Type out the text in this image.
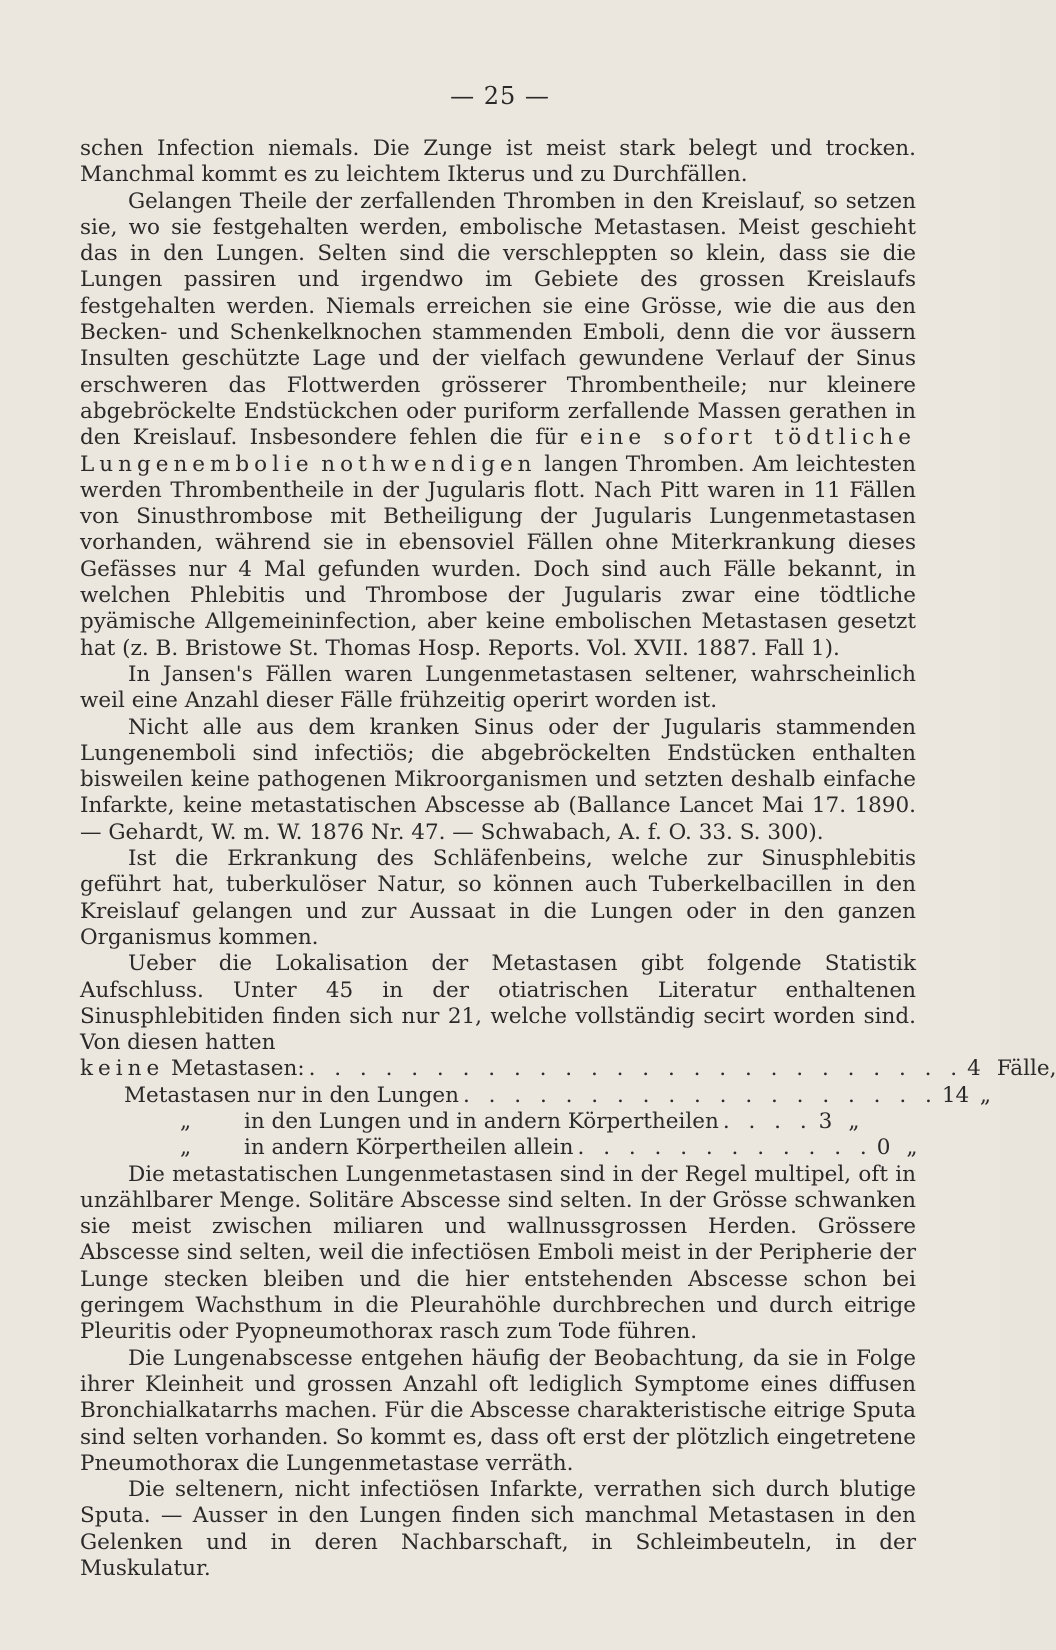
— 25 —

schen Infection niemals. Die Zunge ist meist stark belegt und trocken. Manchmal kommt es zu leichtem Ikterus und zu Durchfällen.

Gelangen Theile der zerfallenden Thromben in den Kreislauf, so setzen sie, wo sie festgehalten werden, embolische Metastasen. Meist geschieht das in den Lungen. Selten sind die verschleppten so klein, dass sie die Lungen passiren und irgendwo im Gebiete des grossen Kreislaufs festgehalten werden. Niemals erreichen sie eine Grösse, wie die aus den Becken- und Schenkelknochen stammenden Emboli, denn die vor äussern Insulten geschützte Lage und der vielfach gewundene Verlauf der Sinus erschweren das Flottwerden grösserer Thrombentheile; nur kleinere abgebröckelte Endstückchen oder puriform zerfallende Massen gerathen in den Kreislauf. Insbesondere fehlen die für eine sofort tödtliche Lungenembolie nothwendigen langen Thromben. Am leichtesten werden Thrombentheile in der Jugularis flott. Nach Pitt waren in 11 Fällen von Sinusthrombose mit Betheiligung der Jugularis Lungenmetastasen vorhanden, während sie in ebensoviel Fällen ohne Miterkrankung dieses Gefässes nur 4 Mal gefunden wurden. Doch sind auch Fälle bekannt, in welchen Phlebitis und Thrombose der Jugularis zwar eine tödtliche pyämische Allgemeininfection, aber keine embolischen Metastasen gesetzt hat (z. B. Bristowe St. Thomas Hosp. Reports. Vol. XVII. 1887. Fall 1).

In Jansen's Fällen waren Lungenmetastasen seltener, wahrscheinlich weil eine Anzahl dieser Fälle frühzeitig operirt worden ist.

Nicht alle aus dem kranken Sinus oder der Jugularis stammenden Lungenemboli sind infectiös; die abgebröckelten Endstücken enthalten bisweilen keine pathogenen Mikroorganismen und setzten deshalb einfache Infarkte, keine metastatischen Abscesse ab (Ballance Lancet Mai 17. 1890. — Gehardt, W. m. W. 1876 Nr. 47. — Schwabach, A. f. O. 33. S. 300).

Ist die Erkrankung des Schläfenbeins, welche zur Sinusphlebitis geführt hat, tuberkulöser Natur, so können auch Tuberkelbacillen in den Kreislauf gelangen und zur Aussaat in die Lungen oder in den ganzen Organismus kommen.

Ueber die Lokalisation der Metastasen gibt folgende Statistik Aufschluss. Unter 45 in der otiatrischen Literatur enthaltenen Sinusphlebitiden finden sich nur 21, welche vollständig secirt worden sind. Von diesen hatten

keine Metastasen: . . . . . . . . . . . . . . . . . . . . . . . . . . 4 Fälle,
Metastasen nur in den Lungen . . . . . . . . . . . . . . . . . . . 14 „
„ in den Lungen und in andern Körpertheilen . . . . 3 „
„ in andern Körpertheilen allein . . . . . . . . . . . . 0 „

Die metastatischen Lungenmetastasen sind in der Regel multipel, oft in unzählbarer Menge. Solitäre Abscesse sind selten. In der Grösse schwanken sie meist zwischen miliaren und wallnussgrossen Herden. Grössere Abscesse sind selten, weil die infectiösen Emboli meist in der Peripherie der Lunge stecken bleiben und die hier entstehenden Abscesse schon bei geringem Wachsthum in die Pleurahöhle durchbrechen und durch eitrige Pleuritis oder Pyopneumothorax rasch zum Tode führen.

Die Lungenabscesse entgehen häufig der Beobachtung, da sie in Folge ihrer Kleinheit und grossen Anzahl oft lediglich Symptome eines diffusen Bronchialkatarrhs machen. Für die Abscesse charakteristische eitrige Sputa sind selten vorhanden. So kommt es, dass oft erst der plötzlich eingetretene Pneumothorax die Lungenmetastase verräth.

Die seltenern, nicht infectiösen Infarkte, verrathen sich durch blutige Sputa. — Ausser in den Lungen finden sich manchmal Metastasen in den Gelenken und in deren Nachbarschaft, in Schleimbeuteln, in der Muskulatur.
